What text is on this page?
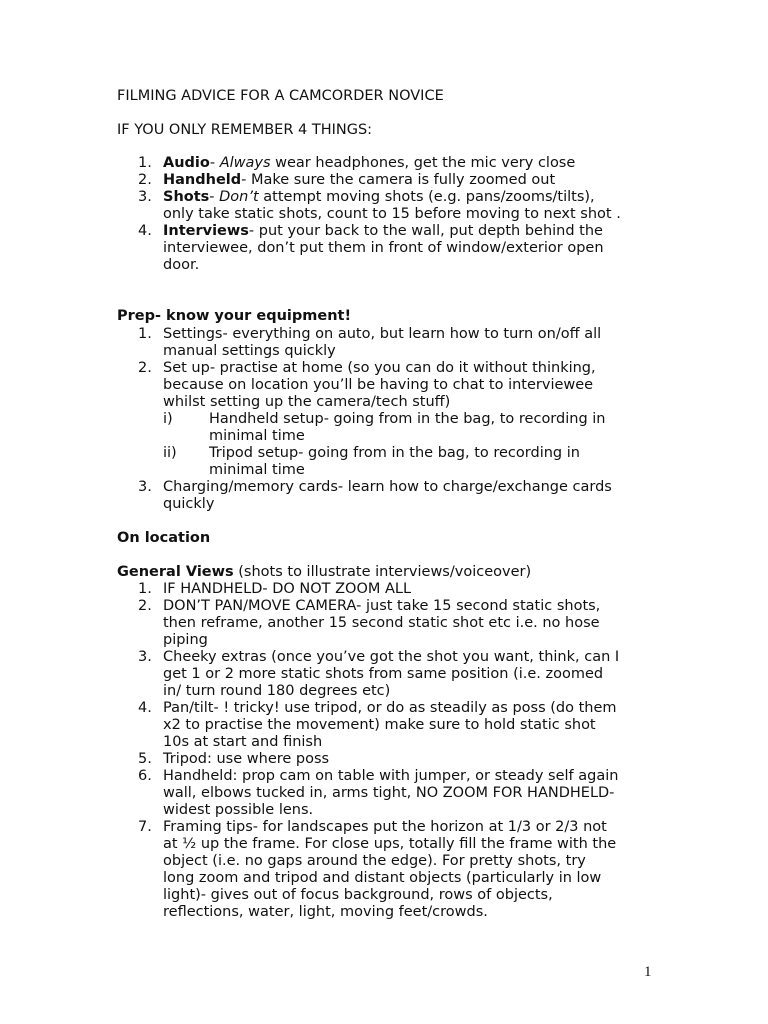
FILMING ADVICE FOR A CAMCORDER NOVICE
IF YOU ONLY REMEMBER 4 THINGS:
1. Audio- Always wear headphones, get the mic very close
2. Handheld- Make sure the camera is fully zoomed out
3. Shots- Don’t attempt moving shots (e.g. pans/zooms/tilts),
only take static shots, count to 15 before moving to next shot .
4. Interviews- put your back to the wall, put depth behind the
interviewee, don’t put them in front of window/exterior open
door.
Prep- know your equipment!
1. Settings- everything on auto, but learn how to turn on/off all
manual settings quickly
2. Set up- practise at home (so you can do it without thinking,
because on location you’ll be having to chat to interviewee
whilst setting up the camera/tech stuff)
i)	Handheld setup- going from in the bag, to recording in
minimal time
ii) Tripod setup- going from in the bag, to recording in
minimal time
3. Charging/memory cards- learn how to charge/exchange cards
quickly
On location
General Views (shots to illustrate interviews/voiceover)
1. IF HANDHELD- DO NOT ZOOM ALL
2. DON’T PAN/MOVE CAMERA- just take 15 second static shots,
then reframe, another 15 second static shot etc i.e. no hose
piping
3. Cheeky extras (once you’ve got the shot you want, think, can I
get 1 or 2 more static shots from same position (i.e. zoomed
in/ turn round 180 degrees etc)
4. Pan/tilt- ! tricky! use tripod, or do as steadily as poss (do them
x2 to practise the movement) make sure to hold static shot
10s at start and finish
5. Tripod: use where poss
6. Handheld: prop cam on table with jumper, or steady self again
wall, elbows tucked in, arms tight, NO ZOOM FOR HANDHELD-
widest possible lens.
7. Framing tips- for landscapes put the horizon at 1/3 or 2/3 not
at ½ up the frame. For close ups, totally fill the frame with the
object (i.e. no gaps around the edge). For pretty shots, try
long zoom and tripod and distant objects (particularly in low
light)- gives out of focus background, rows of objects,
reflections, water, light, moving feet/crowds.
1
